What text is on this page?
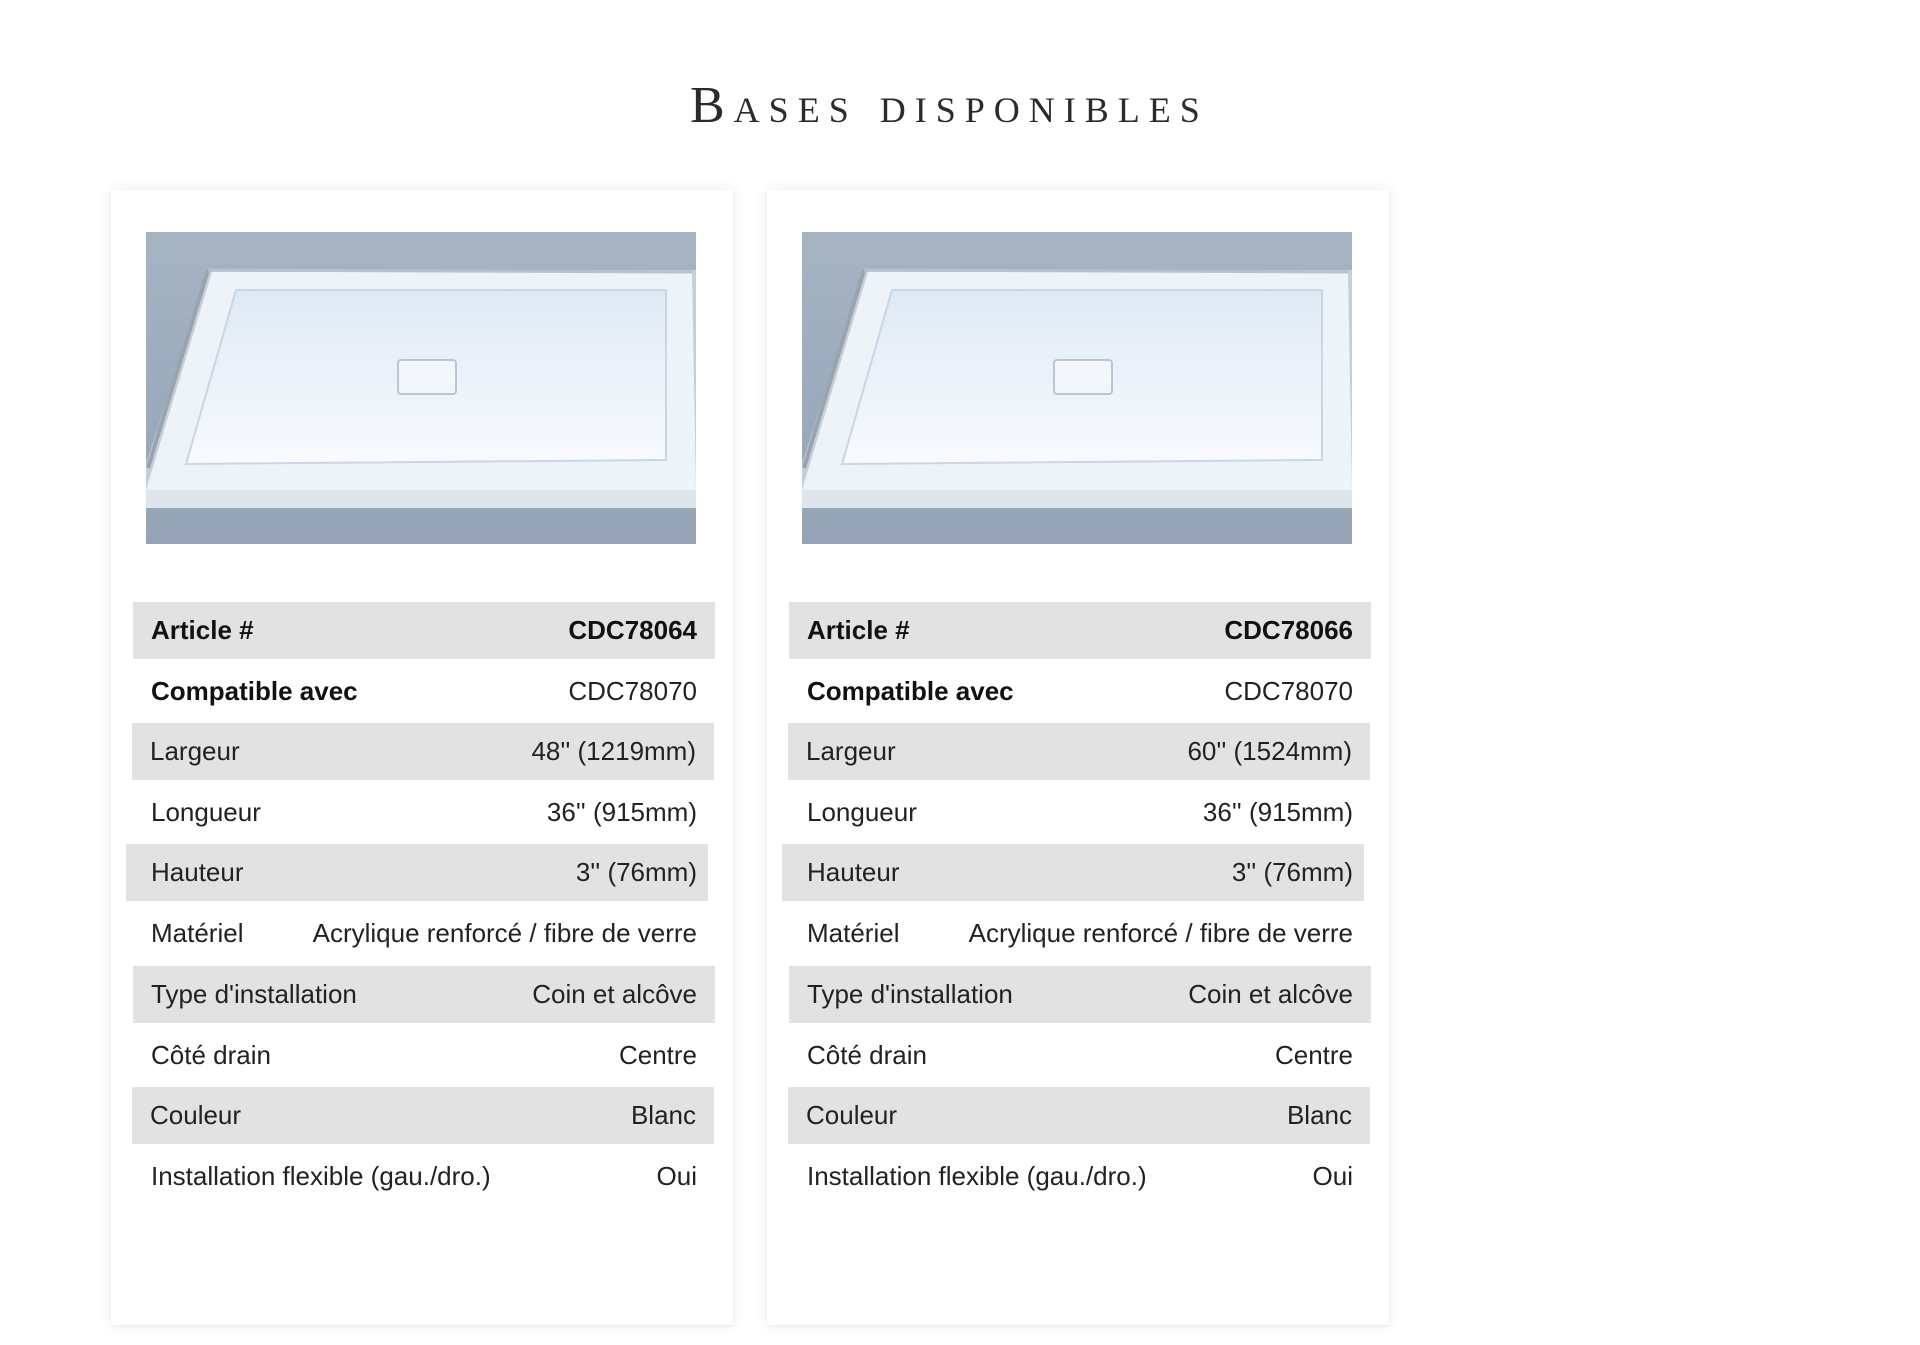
Bases disponibles
Article #	CDC78064
Compatible avec	CDC78070
Largeur	48'' (1219mm)
Longueur	36'' (915mm)
Hauteur	3'' (76mm)
Matériel	Acrylique renforcé / fibre de verre
Type d'installation	Coin et alcôve
Côté drain	Centre
Couleur	Blanc
Installation flexible (gau./dro.)	Oui
Article #	CDC78066
Compatible avec	CDC78070
Largeur	60'' (1524mm)
Longueur	36'' (915mm)
Hauteur	3'' (76mm)
Matériel	Acrylique renforcé / fibre de verre
Type d'installation	Coin et alcôve
Côté drain	Centre
Couleur	Blanc
Installation flexible (gau./dro.)	Oui
